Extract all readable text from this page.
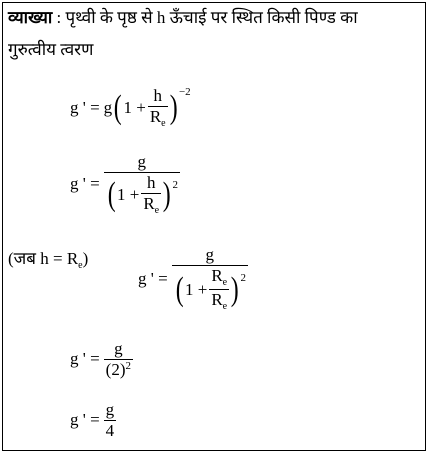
व्याख्या : पृथ्वी के पृष्ठ से h ऊँचाई पर स्थित किसी पिण्ड का
गुरुत्वीय त्वरण
g ' = g ( $1 + \frac{h}{R_e}$ ) −2
g ' =
g
( $1 + \frac{h}{R_e}$ ) 2
(जब $h = R_e$)
g ' =
g
( $1 + \frac{R_e}{R_e}$ ) 2
g ' = $\frac{g}{(2)^2}$
g ' = $\frac{g}{4}$
